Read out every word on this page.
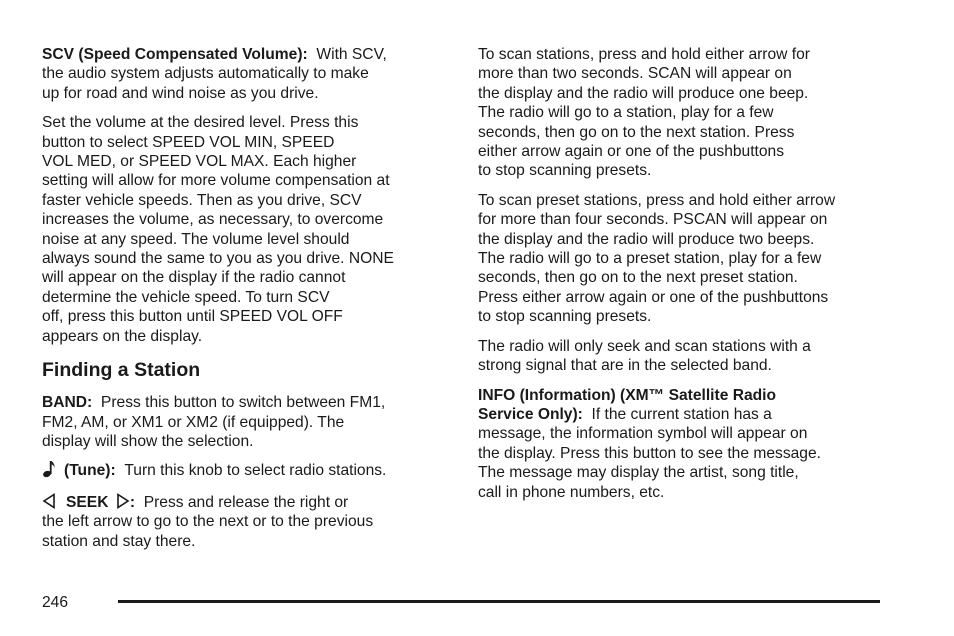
SCV (Speed Compensated Volume): With SCV,
the audio system adjusts automatically to make
up for road and wind noise as you drive.

Set the volume at the desired level. Press this
button to select SPEED VOL MIN, SPEED
VOL MED, or SPEED VOL MAX. Each higher
setting will allow for more volume compensation at
faster vehicle speeds. Then as you drive, SCV
increases the volume, as necessary, to overcome
noise at any speed. The volume level should
always sound the same to you as you drive. NONE
will appear on the display if the radio cannot
determine the vehicle speed. To turn SCV
off, press this button until SPEED VOL OFF
appears on the display.

Finding a Station

BAND: Press this button to switch between FM1,
FM2, AM, or XM1 or XM2 (if equipped). The
display will show the selection.

(Tune): Turn this knob to select radio stations.

SEEK : Press and release the right or
the left arrow to go to the next or to the previous
station and stay there.

To scan stations, press and hold either arrow for
more than two seconds. SCAN will appear on
the display and the radio will produce one beep.
The radio will go to a station, play for a few
seconds, then go on to the next station. Press
either arrow again or one of the pushbuttons
to stop scanning presets.

To scan preset stations, press and hold either arrow
for more than four seconds. PSCAN will appear on
the display and the radio will produce two beeps.
The radio will go to a preset station, play for a few
seconds, then go on to the next preset station.
Press either arrow again or one of the pushbuttons
to stop scanning presets.

The radio will only seek and scan stations with a
strong signal that are in the selected band.

INFO (Information) (XM™ Satellite Radio
Service Only): If the current station has a
message, the information symbol will appear on
the display. Press this button to see the message.
The message may display the artist, song title,
call in phone numbers, etc.

246
